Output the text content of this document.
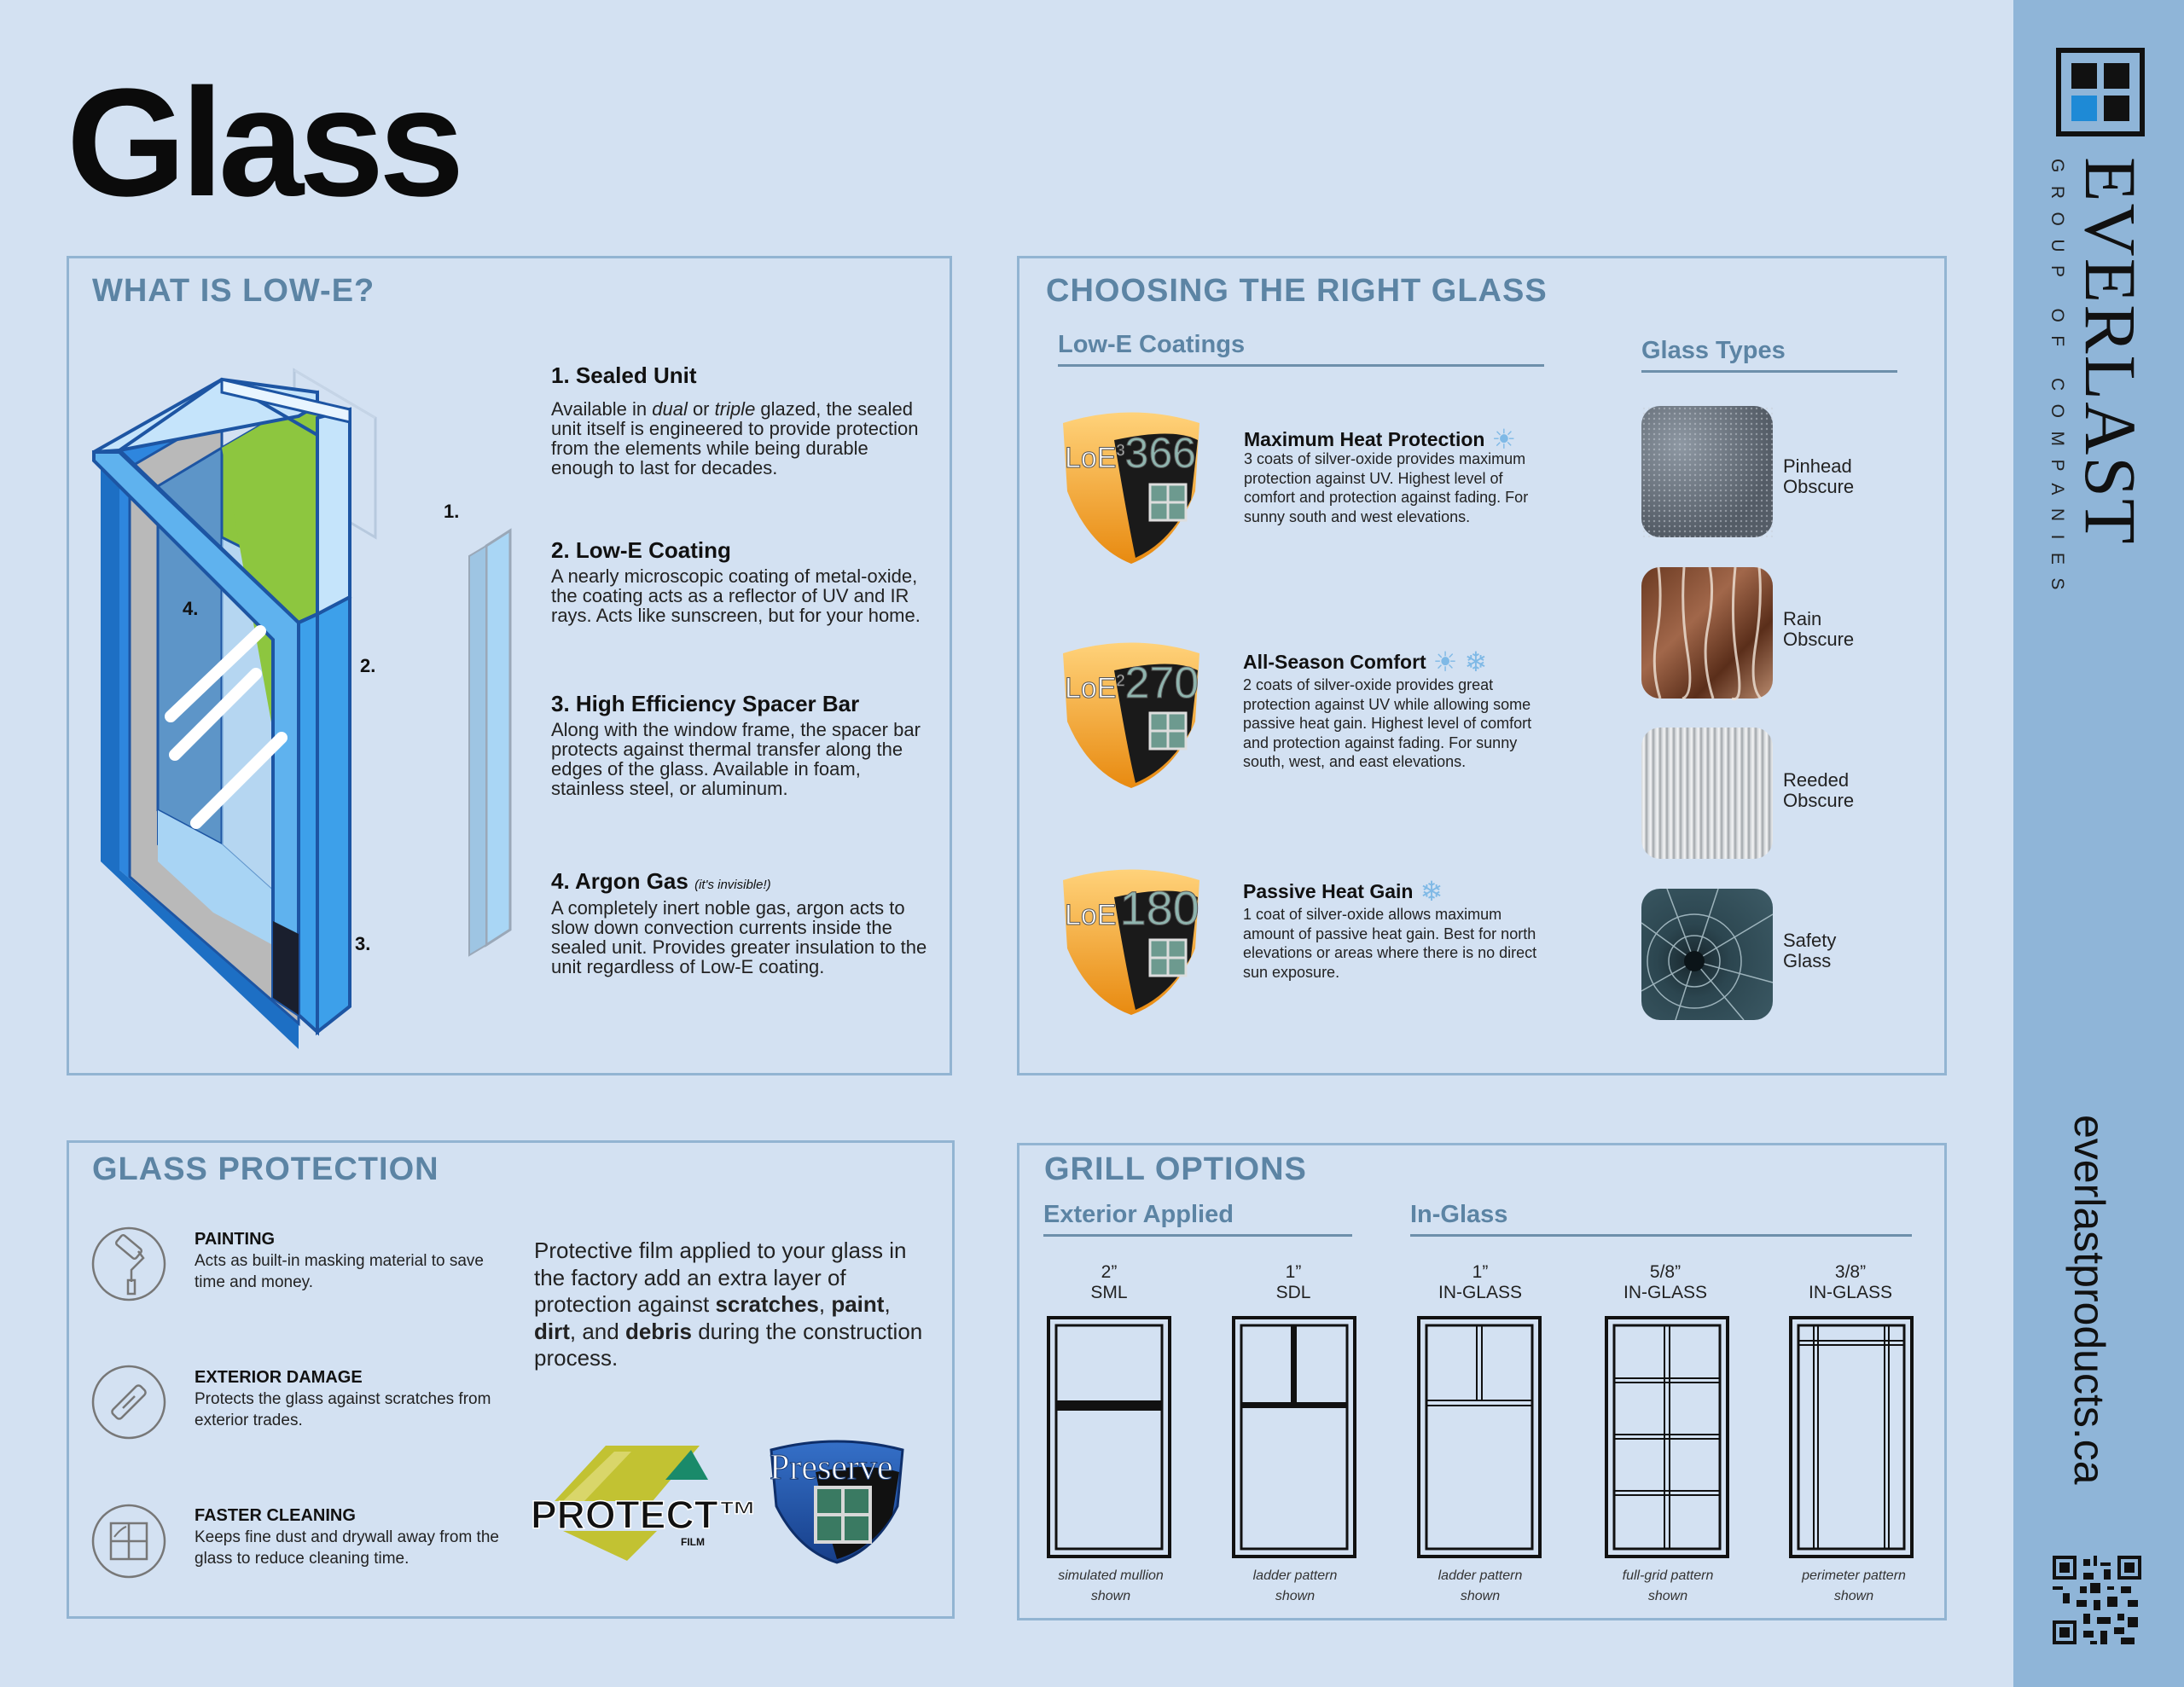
Glass
WHAT IS LOW-E?
1.
2.
3.
4.
1. Sealed Unit
Available in dual or triple glazed, the sealed unit itself is engineered to provide protection from the elements while being durable enough to last for decades.
2. Low-E Coating
A nearly microscopic coating of metal-oxide, the coating acts as a reflector of UV and IR rays. Acts like sunscreen, but for your home.
3. High Efficiency Spacer Bar
Along with the window frame, the spacer bar protects against thermal transfer along the edges of the glass. Available in foam, stainless steel, or aluminum.
4. Argon Gas (it's invisible!)
A completely inert noble gas, argon acts to slow down convection currents inside the sealed unit. Provides greater insulation to the unit regardless of Low-E coating.
CHOOSING THE RIGHT GLASS
Low-E Coatings	Glass Types
LoE$^3$366
LoE$^2$270
LoE180
Maximum Heat Protection ☀
3 coats of silver-oxide provides maximum protection against UV. Highest level of comfort and protection against fading. For sunny south and west elevations.
All-Season Comfort ☀ ❄
2 coats of silver-oxide provides great protection against UV while allowing some passive heat gain. Highest level of comfort and protection against fading. For sunny south, west, and east elevations.
Passive Heat Gain ❄
1 coat of silver-oxide allows maximum amount of passive heat gain. Best for north elevations or areas where there is no direct sun exposure.
Pinhead
Obscure
Rain
Obscure
Reeded
Obscure
Safety
Glass
GLASS PROTECTION
PAINTING
Acts as built-in masking material to save time and money.
EXTERIOR DAMAGE
Protects the glass against scratches from exterior trades.
FASTER CLEANING
Keeps fine dust and drywall away from the glass to reduce cleaning time.
Protective film applied to your glass in the factory add an extra layer of protection against scratches, paint, dirt, and debris during the construction process.
PROTECT™
FILM
Preserve
GRILL OPTIONS
Exterior Applied	In-Glass
2”
SML
simulated mullion
shown
1”
SDL
ladder pattern
shown
1”
IN-GLASS
ladder pattern
shown
5/8”
IN-GLASS
full-grid pattern
shown
3/8”
IN-GLASS
perimeter pattern
shown
EVERLAST
GROUP OF COMPANIES
everlastproducts.ca
